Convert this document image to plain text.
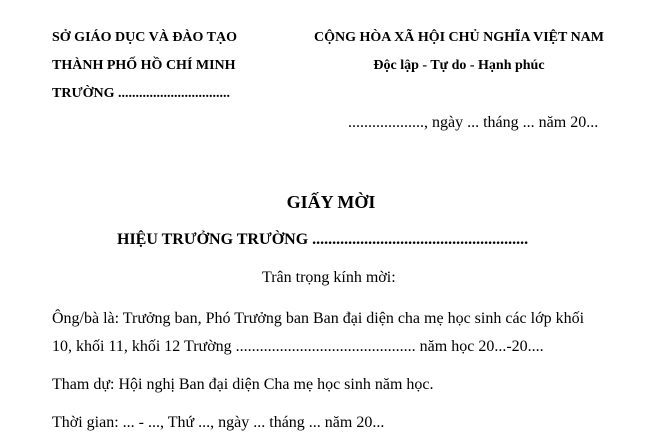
SỞ GIÁO DỤC VÀ ĐÀO TẠO
THÀNH PHỐ HỒ CHÍ MINH
TRƯỜNG ................................
CỘNG HÒA XÃ HỘI CHỦ NGHĨA VIỆT NAM
Độc lập - Tự do - Hạnh phúc
..................., ngày ... tháng ... năm 20...
GIẤY MỜI
HIỆU TRƯỞNG TRƯỜNG ......................................................
Trân trọng kính mời:
Ông/bà là: Trưởng ban, Phó Trưởng ban Ban đại diện cha mẹ học sinh các lớp khối
10, khối 11, khối 12 Trường ............................................. năm học 20...-20....
Tham dự: Hội nghị Ban đại diện Cha mẹ học sinh năm học.
Thời gian: ... - ..., Thứ ..., ngày ... tháng ... năm 20...
